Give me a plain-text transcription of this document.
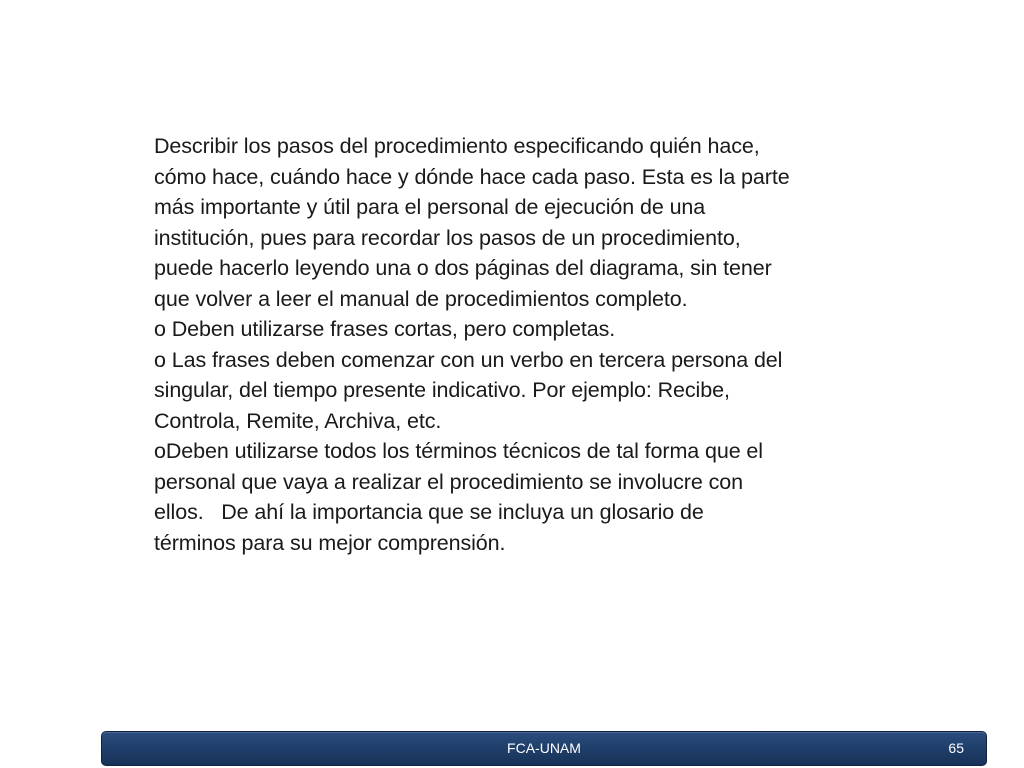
Describir los pasos del procedimiento especificando quién hace,
cómo hace, cuándo hace y dónde hace cada paso. Esta es la parte
más importante y útil para el personal de ejecución de una
institución, pues para recordar los pasos de un procedimiento,
puede hacerlo leyendo una o dos páginas del diagrama, sin tener
que volver a leer el manual de procedimientos completo.
o Deben utilizarse frases cortas, pero completas.
o Las frases deben comenzar con un verbo en tercera persona del
singular, del tiempo presente indicativo. Por ejemplo: Recibe,
Controla, Remite, Archiva, etc.
oDeben utilizarse todos los términos técnicos de tal forma que el
personal que vaya a realizar el procedimiento se involucre con
ellos.   De ahí la importancia que se incluya un glosario de
términos para su mejor comprensión.

FCA-UNAM	65
